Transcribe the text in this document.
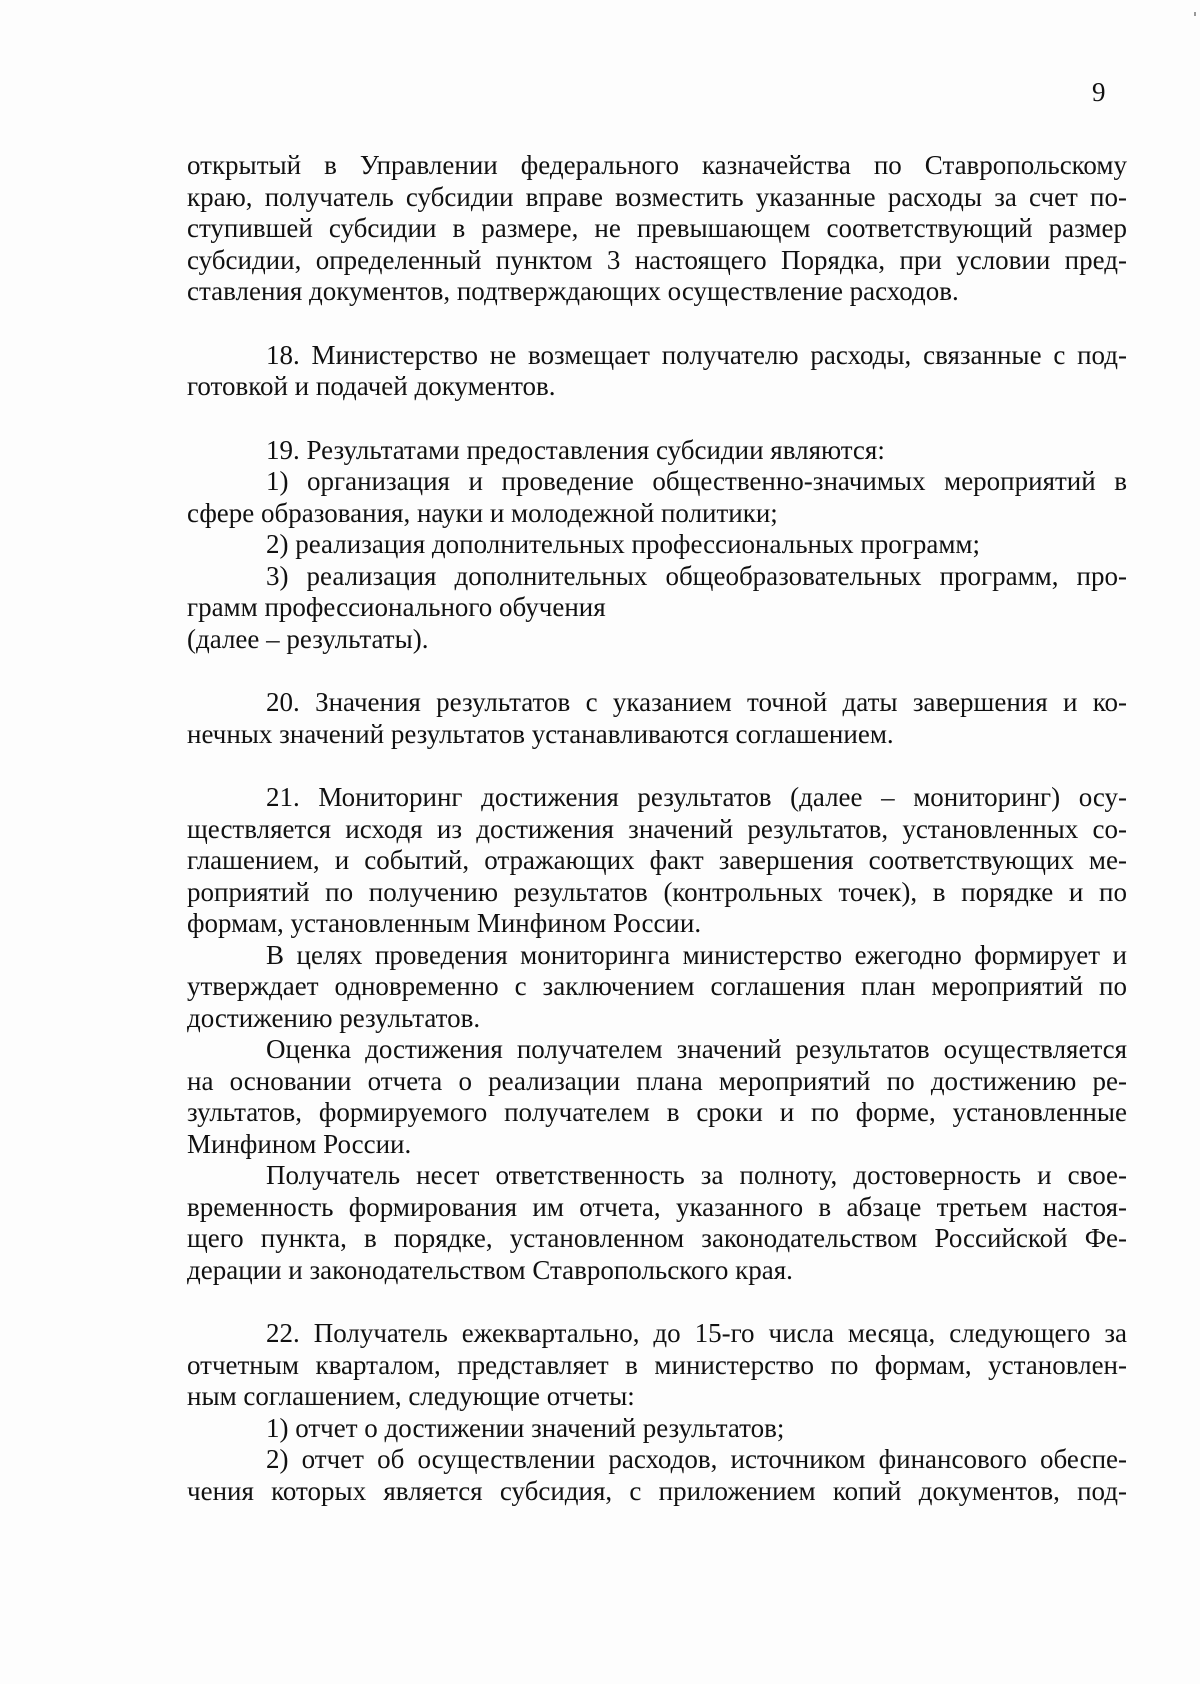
9
открытый в Управлении федерального казначейства по Ставропольскому
краю, получатель субсидии вправе возместить указанные расходы за счет по-
ступившей субсидии в размере, не превышающем соответствующий размер
субсидии, определенный пунктом 3 настоящего Порядка, при условии пред-
ставления документов, подтверждающих осуществление расходов.
18. Министерство не возмещает получателю расходы, связанные с под-
готовкой и подачей документов.
19. Результатами предоставления субсидии являются:
1) организация и проведение общественно-значимых мероприятий в
сфере образования, науки и молодежной политики;
2) реализация дополнительных профессиональных программ;
3) реализация дополнительных общеобразовательных программ, про-
грамм профессионального обучения
(далее – результаты).
20. Значения результатов с указанием точной даты завершения и ко-
нечных значений результатов устанавливаются соглашением.
21. Мониторинг достижения результатов (далее – мониторинг) осу-
ществляется исходя из достижения значений результатов, установленных со-
глашением, и событий, отражающих факт завершения соответствующих ме-
роприятий по получению результатов (контрольных точек), в порядке и по
формам, установленным Минфином России.
В целях проведения мониторинга министерство ежегодно формирует и
утверждает одновременно с заключением соглашения план мероприятий по
достижению результатов.
Оценка достижения получателем значений результатов осуществляется
на основании отчета о реализации плана мероприятий по достижению ре-
зультатов, формируемого получателем в сроки и по форме, установленные
Минфином России.
Получатель несет ответственность за полноту, достоверность и свое-
временность формирования им отчета, указанного в абзаце третьем настоя-
щего пункта, в порядке, установленном законодательством Российской Фе-
дерации и законодательством Ставропольского края.
22. Получатель ежеквартально, до 15-го числа месяца, следующего за
отчетным кварталом, представляет в министерство по формам, установлен-
ным соглашением, следующие отчеты:
1) отчет о достижении значений результатов;
2) отчет об осуществлении расходов, источником финансового обеспе-
чения которых является субсидия, с приложением копий документов, под-
